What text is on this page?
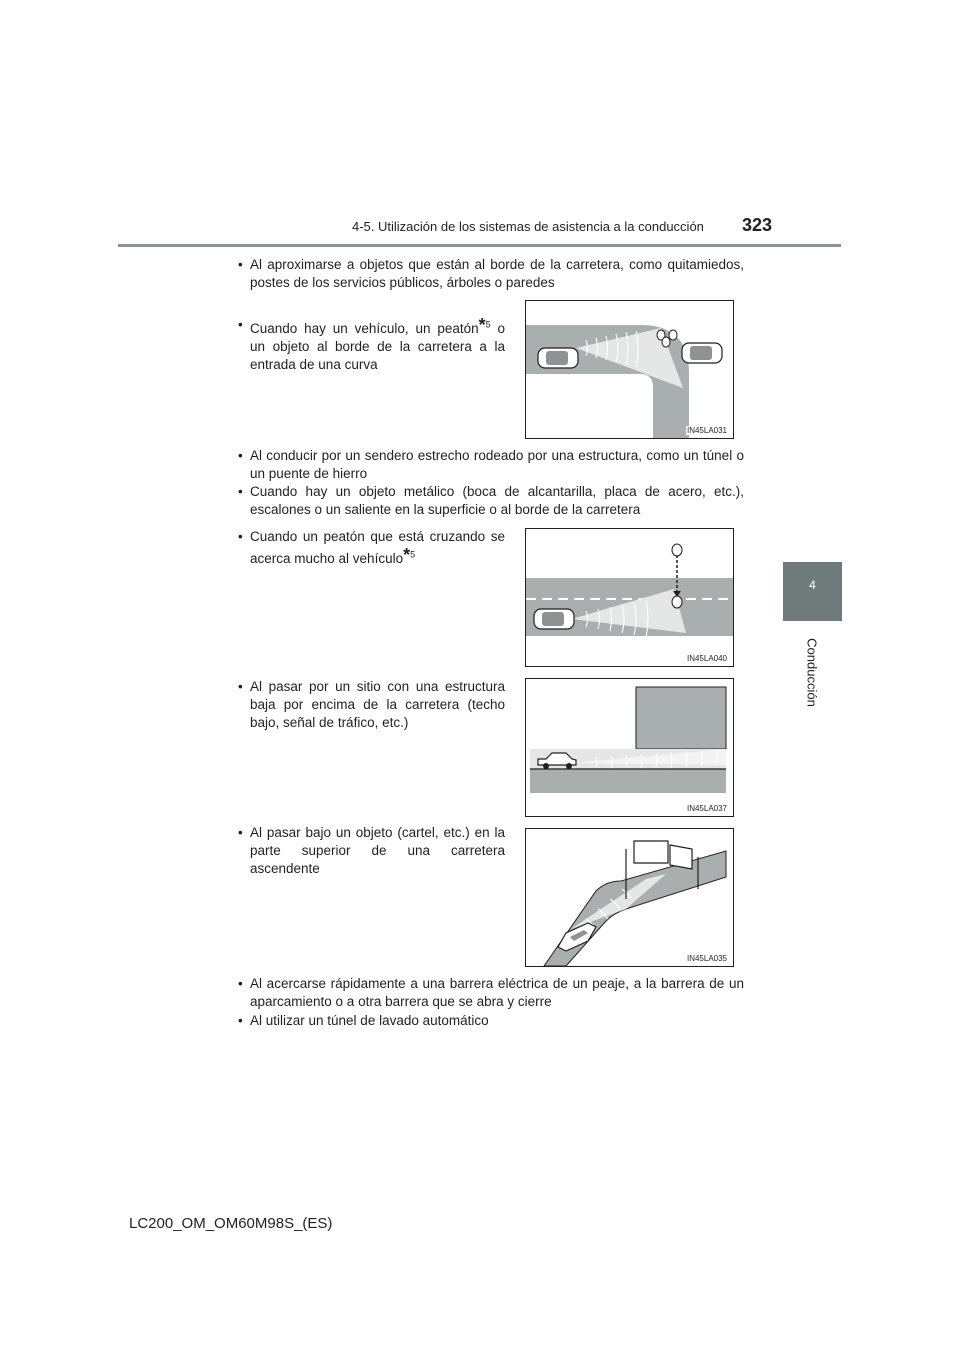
4-5. Utilización de los sistemas de asistencia a la conducción 323
4
Conducción
• Al aproximarse a objetos que están al borde de la carretera, como quitamiedos, postes de los servicios públicos, árboles o paredes
• Cuando hay un vehículo, un peatón*$^5$ o un objeto al borde de la carretera a la entrada de una curva
• Al conducir por un sendero estrecho rodeado por una estructura, como un túnel o un puente de hierro
• Cuando hay un objeto metálico (boca de alcantarilla, placa de acero, etc.), escalones o un saliente en la superficie o al borde de la carretera
• Cuando un peatón que está cruzando se acerca mucho al vehículo*$^5$
• Al pasar por un sitio con una estructura baja por encima de la carretera (techo bajo, señal de tráfico, etc.)
• Al pasar bajo un objeto (cartel, etc.) en la parte superior de una carretera ascendente
• Al acercarse rápidamente a una barrera eléctrica de un peaje, a la barrera de un aparcamiento o a otra barrera que se abra y cierre
• Al utilizar un túnel de lavado automático
IN45LA031
IN45LA040
IN45LA037
IN45LA035
LC200_OM_OM60M98S_(ES)
